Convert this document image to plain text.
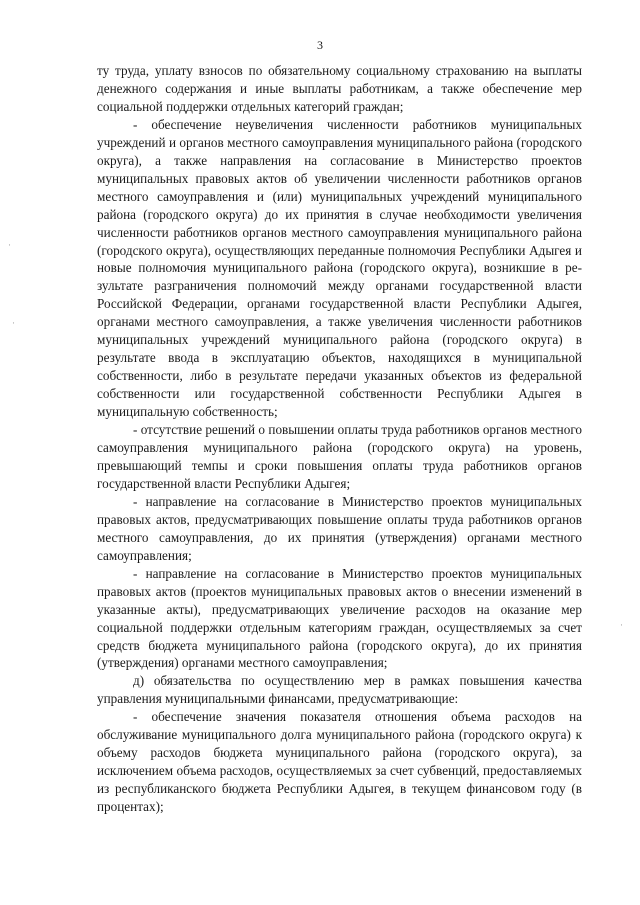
3
·
·
·

ту труда, уплату взносов по обязательному социальному страхованию на выплаты денежного содержания и иные выплаты работникам, а также обеспечение мер социальной поддержки отдельных категорий граждан;

- обеспечение неувеличения численности работников муниципальных учреждений и органов местного самоуправления муниципального района (городского округа), а также направления на согласование в Министерство проектов муниципальных правовых актов об увеличении численности работников органов местного самоуправления и (или) муниципальных учреждений муниципального района (городского округа) до их принятия в случае необходимости увеличения численности работников органов местного самоуправления муниципального района (городского округа), осуществляющих переданные полномочия Республики Адыгея и новые полномочия муниципального района (городского округа), возникшие в результате разграничения полномочий между органами государственной власти Российской Федерации, органами государственной власти Республики Адыгея, органами местного самоуправления, а также увеличения численности работников муниципальных учреждений муниципального района (городского округа) в результате ввода в эксплуатацию объектов, находящихся в муниципальной собственности, либо в результате передачи указанных объектов из федеральной собственности или государственной собственности Республики Адыгея в муниципальную собственность;

- отсутствие решений о повышении оплаты труда работников органов местного самоуправления муниципального района (городского округа) на уровень, превышающий темпы и сроки повышения оплаты труда работников органов государственной власти Республики Адыгея;

- направление на согласование в Министерство проектов муниципальных правовых актов, предусматривающих повышение оплаты труда работников органов местного самоуправления, до их принятия (утверждения) органами местного самоуправления;

- направление на согласование в Министерство проектов муниципальных правовых актов (проектов муниципальных правовых актов о внесении изменений в указанные акты), предусматривающих увеличение расходов на оказание мер социальной поддержки отдельным категориям граждан, осуществляемых за счет средств бюджета муниципального района (городского округа), до их принятия (утверждения) органами местного самоуправления;

д) обязательства по осуществлению мер в рамках повышения качества управления муниципальными финансами, предусматривающие:

- обеспечение значения показателя отношения объема расходов на обслуживание муниципального долга муниципального района (городского округа) к объему расходов бюджета муниципального района (городского округа), за исключением объема расходов, осуществляемых за счет субвенций, предоставляемых из республиканского бюджета Республики Адыгея, в текущем финансовом году (в процентах);
